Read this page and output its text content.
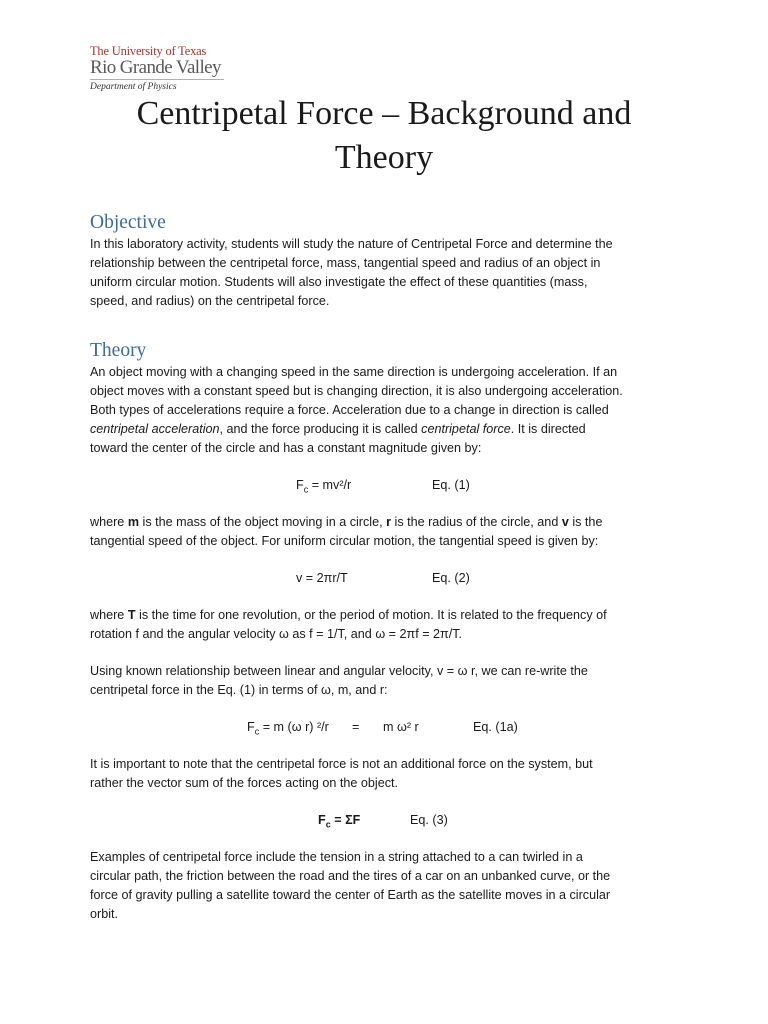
The University of Texas
Rio Grande Valley
Department of Physics
Centripetal Force – Background and
Theory
Objective

In this laboratory activity, students will study the nature of Centripetal Force and determine the
relationship between the centripetal force, mass, tangential speed and radius of an object in
uniform circular motion. Students will also investigate the effect of these quantities (mass,
speed, and radius) on the centripetal force.

Theory

An object moving with a changing speed in the same direction is undergoing acceleration. If an
object moves with a constant speed but is changing direction, it is also undergoing acceleration.
Both types of accelerations require a force. Acceleration due to a change in direction is called
centripetal acceleration, and the force producing it is called centripetal force. It is directed
toward the center of the circle and has a constant magnitude given by:

$F_c = mv^2/r$	Eq. (1)

where m is the mass of the object moving in a circle, r is the radius of the circle, and v is the
tangential speed of the object. For uniform circular motion, the tangential speed is given by:

v = 2πr/T	Eq. (2)

where T is the time for one revolution, or the period of motion. It is related to the frequency of
rotation f and the angular velocity ω as f = 1/T, and ω = 2πf = 2π/T.

Using known relationship between linear and angular velocity, v = ω r, we can re-write the
centripetal force in the Eq. (1) in terms of ω, m, and r:

$F_c = m$ (ω r) ²/r = m ω² r	Eq. (1a)

It is important to note that the centripetal force is not an additional force on the system, but
rather the vector sum of the forces acting on the object.

$F_c = \Sigma F$	Eq. (3)

Examples of centripetal force include the tension in a string attached to a can twirled in a
circular path, the friction between the road and the tires of a car on an unbanked curve, or the
force of gravity pulling a satellite toward the center of Earth as the satellite moves in a circular
orbit.
